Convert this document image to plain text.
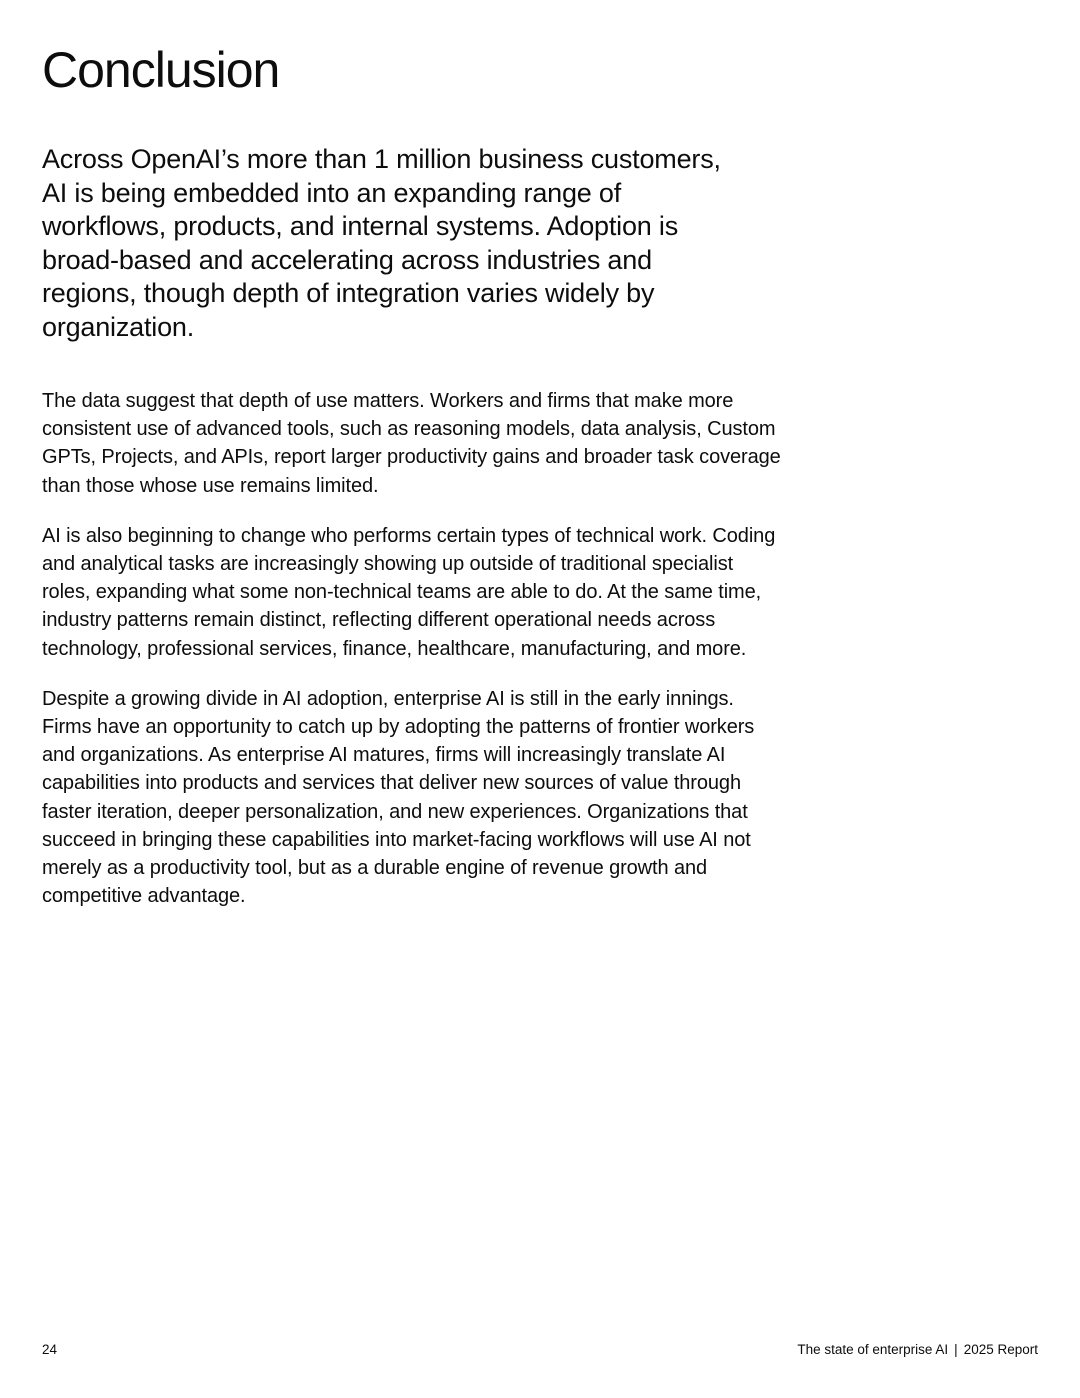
Conclusion

Across OpenAI’s more than 1 million business customers, AI is being embedded into an expanding range of workflows, products, and internal systems. Adoption is broad-based and accelerating across industries and regions, though depth of integration varies widely by organization.

The data suggest that depth of use matters. Workers and firms that make more consistent use of advanced tools, such as reasoning models, data analysis, Custom GPTs, Projects, and APIs, report larger productivity gains and broader task coverage than those whose use remains limited.

AI is also beginning to change who performs certain types of technical work. Coding and analytical tasks are increasingly showing up outside of traditional specialist roles, expanding what some non-technical teams are able to do. At the same time, industry patterns remain distinct, reflecting different operational needs across technology, professional services, finance, healthcare, manufacturing, and more.

Despite a growing divide in AI adoption, enterprise AI is still in the early innings. Firms have an opportunity to catch up by adopting the patterns of frontier workers and organizations. As enterprise AI matures, firms will increasingly translate AI capabilities into products and services that deliver new sources of value through faster iteration, deeper personalization, and new experiences. Organizations that succeed in bringing these capabilities into market-facing workflows will use AI not merely as a productivity tool, but as a durable engine of revenue growth and competitive advantage.

24	The state of enterprise AI | 2025 Report
